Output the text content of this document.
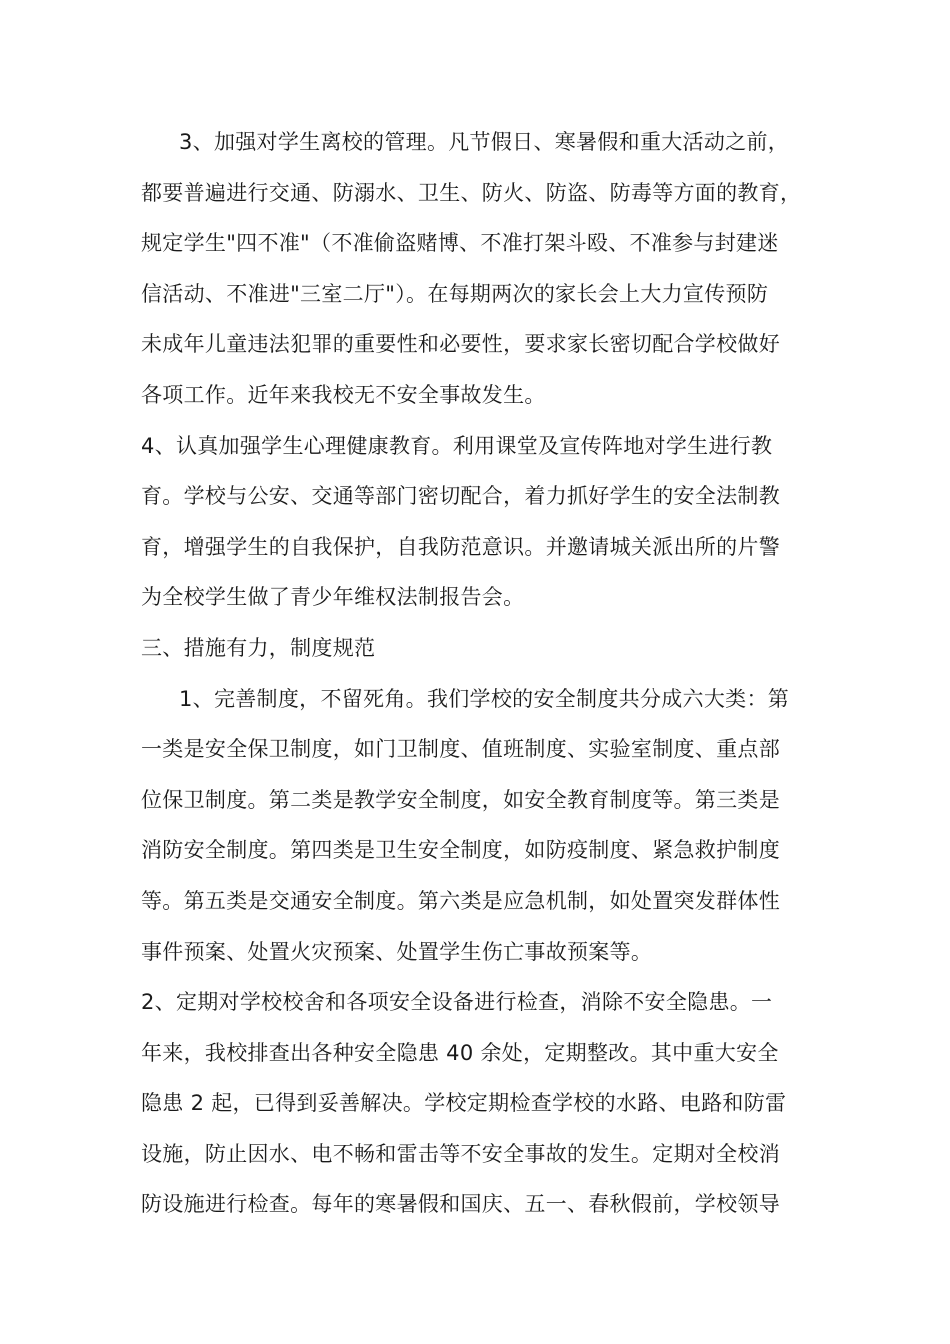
3、加强对学生离校的管理。凡节假日、寒暑假和重大活动之前，
都要普遍进行交通、防溺水、卫生、防火、防盗、防毒等方面的教育，
规定学生"四不准"（不准偷盗赌博、不准打架斗殴、不准参与封建迷
信活动、不准进"三室二厅"）。在每期两次的家长会上大力宣传预防
未成年儿童违法犯罪的重要性和必要性，要求家长密切配合学校做好
各项工作。近年来我校无不安全事故发生。
4、认真加强学生心理健康教育。利用课堂及宣传阵地对学生进行教
育。学校与公安、交通等部门密切配合，着力抓好学生的安全法制教
育，增强学生的自我保护，自我防范意识。并邀请城关派出所的片警
为全校学生做了青少年维权法制报告会。
三、措施有力，制度规范
1、完善制度，不留死角。我们学校的安全制度共分成六大类：第
一类是安全保卫制度，如门卫制度、值班制度、实验室制度、重点部
位保卫制度。第二类是教学安全制度，如安全教育制度等。第三类是
消防安全制度。第四类是卫生安全制度，如防疫制度、紧急救护制度
等。第五类是交通安全制度。第六类是应急机制，如处置突发群体性
事件预案、处置火灾预案、处置学生伤亡事故预案等。
2、定期对学校校舍和各项安全设备进行检查，消除不安全隐患。一
年来，我校排查出各种安全隐患 40 余处，定期整改。其中重大安全
隐患 2 起，已得到妥善解决。学校定期检查学校的水路、电路和防雷
设施，防止因水、电不畅和雷击等不安全事故的发生。定期对全校消
防设施进行检查。每年的寒暑假和国庆、五一、春秋假前，学校领导
